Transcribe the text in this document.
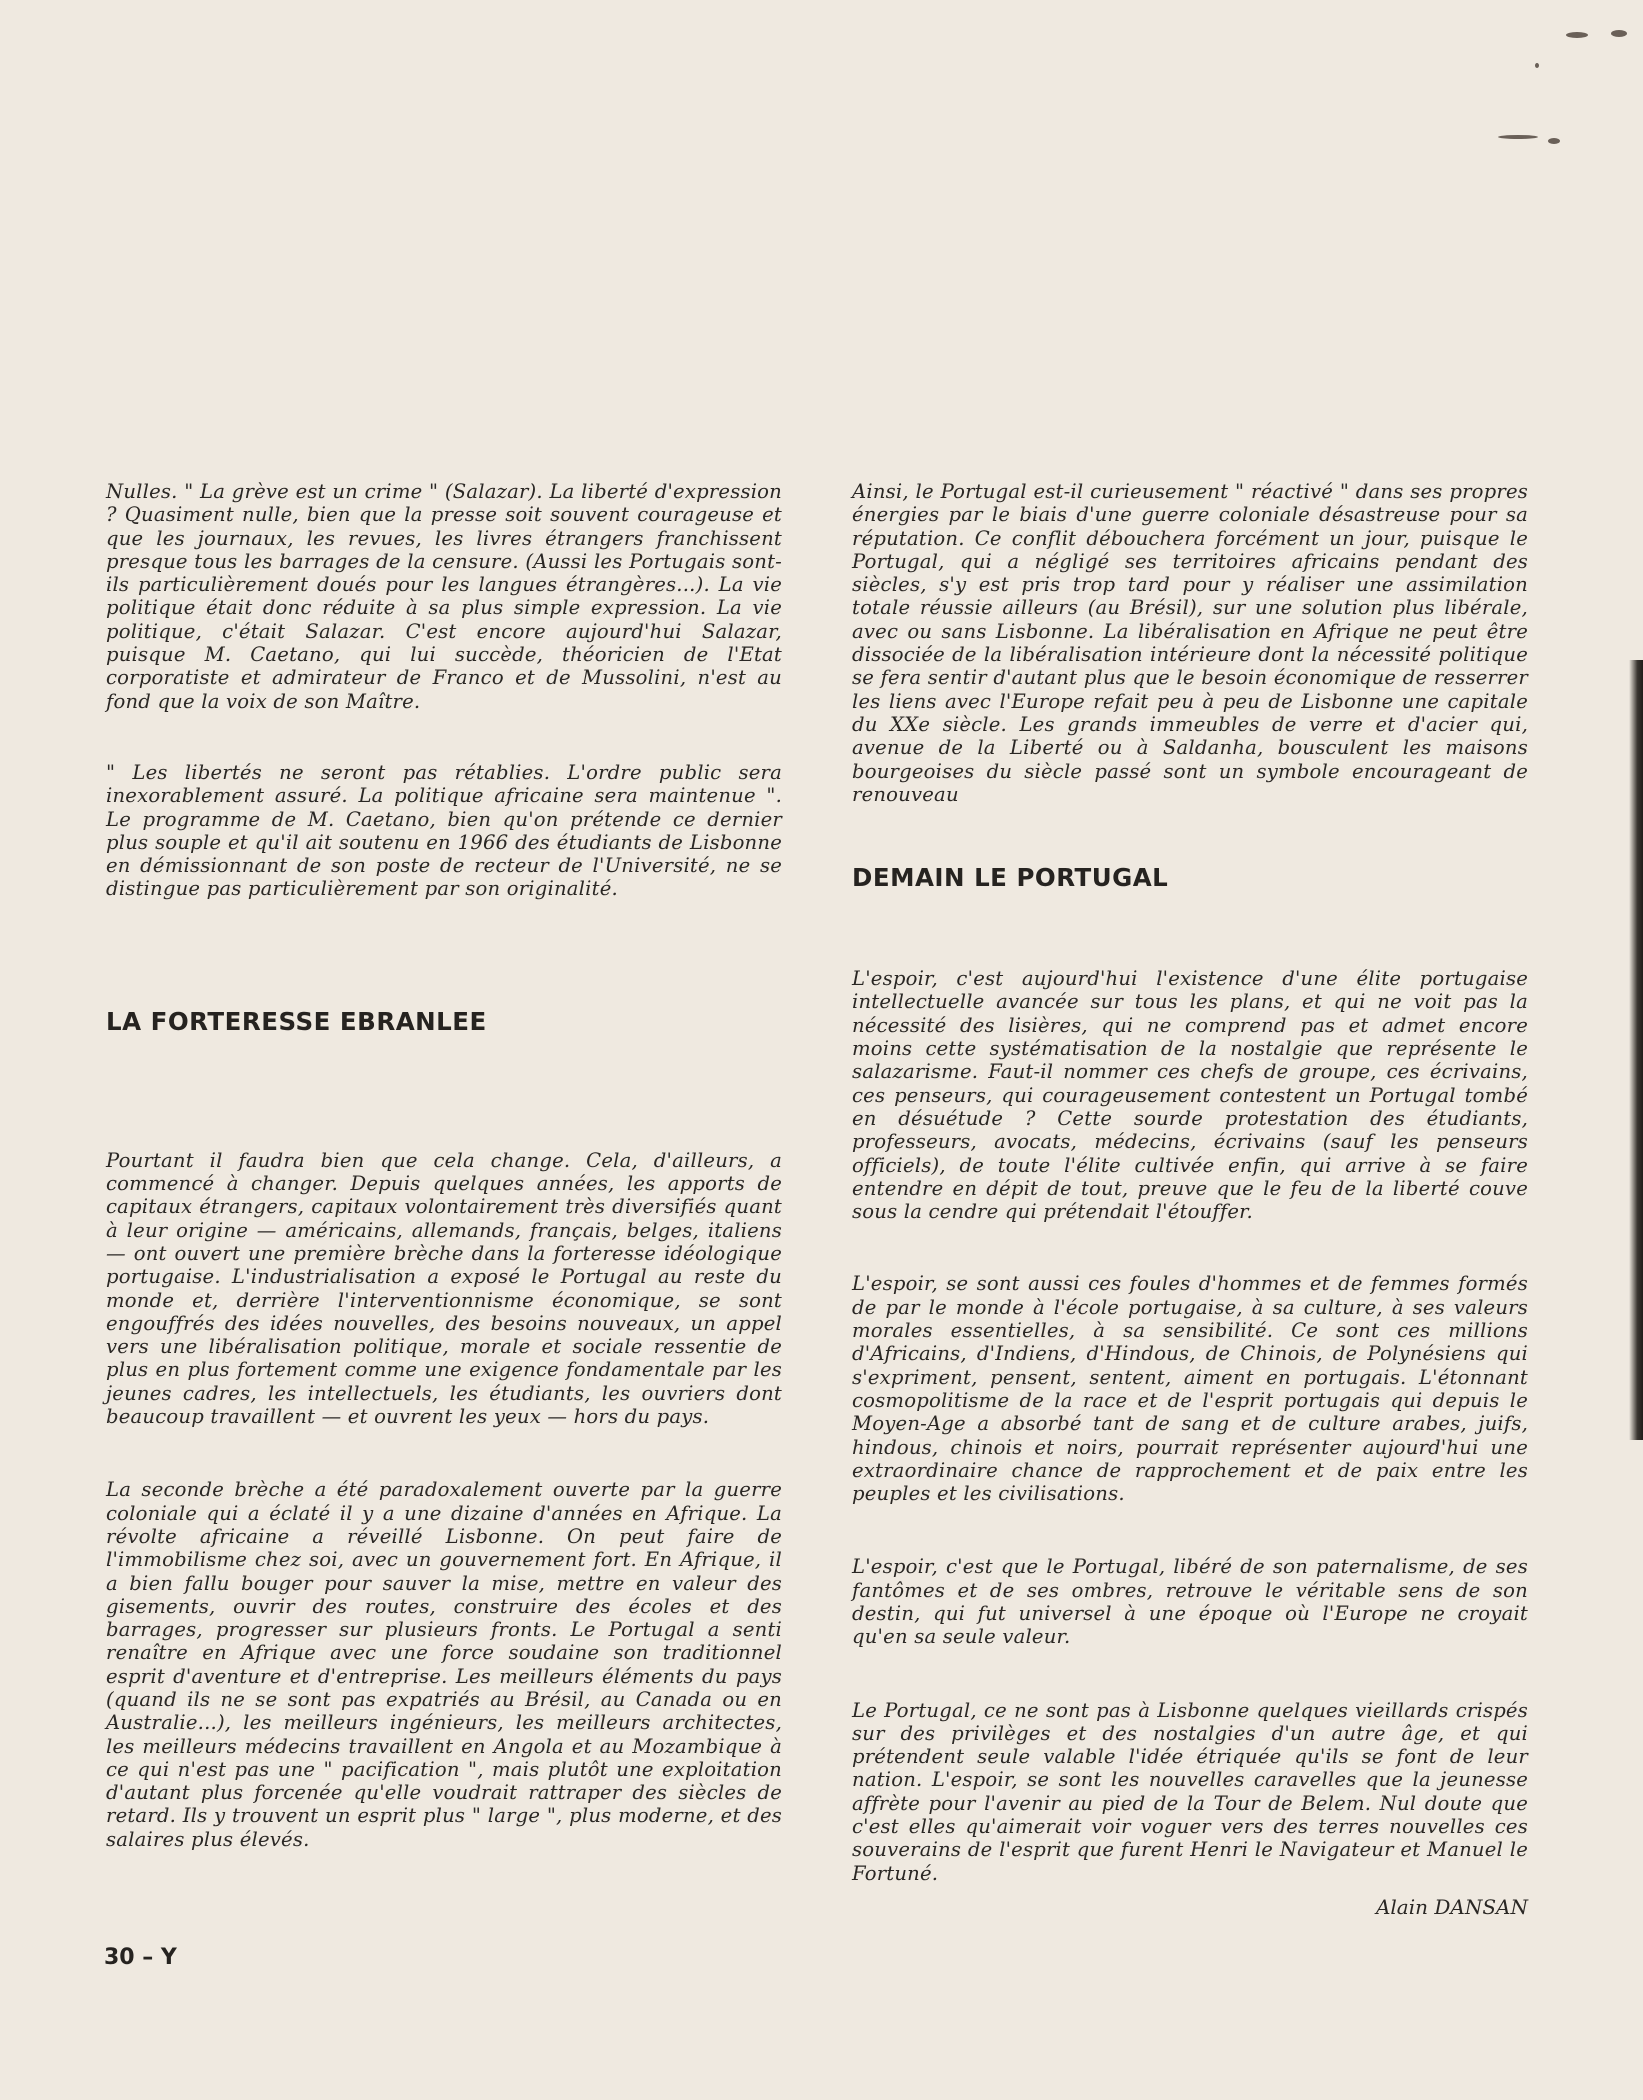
Nulles. " La grève est un crime " (Salazar). La liberté d'expression ? Quasiment nulle, bien que la presse soit souvent courageuse et que les journaux, les revues, les livres étrangers franchissent presque tous les barrages de la censure. (Aussi les Portugais sont-ils particulièrement doués pour les langues étrangères...). La vie politique était donc réduite à sa plus simple expression. La vie politique, c'était Salazar. C'est encore aujourd'hui Salazar, puisque M. Caetano, qui lui succède, théoricien de l'Etat corporatiste et admirateur de Franco et de Mussolini, n'est au fond que la voix de son Maître.

" Les libertés ne seront pas rétablies. L'ordre public sera inexorablement assuré. La politique africaine sera maintenue ". Le programme de M. Caetano, bien qu'on prétende ce dernier plus souple et qu'il ait soutenu en 1966 des étudiants de Lisbonne en démissionnant de son poste de recteur de l'Université, ne se distingue pas particulièrement par son originalité.

LA FORTERESSE EBRANLEE

Pourtant il faudra bien que cela change. Cela, d'ailleurs, a commencé à changer. Depuis quelques années, les apports de capitaux étrangers, capitaux volontairement très diversifiés quant à leur origine — américains, allemands, français, belges, italiens — ont ouvert une première brèche dans la forteresse idéologique portugaise. L'industrialisation a exposé le Portugal au reste du monde et, derrière l'interventionnisme économique, se sont engouffrés des idées nouvelles, des besoins nouveaux, un appel vers une libéralisation politique, morale et sociale ressentie de plus en plus fortement comme une exigence fondamentale par les jeunes cadres, les intellectuels, les étudiants, les ouvriers dont beaucoup travaillent — et ouvrent les yeux — hors du pays.

La seconde brèche a été paradoxalement ouverte par la guerre coloniale qui a éclaté il y a une dizaine d'années en Afrique. La révolte africaine a réveillé Lisbonne. On peut faire de l'immobilisme chez soi, avec un gouvernement fort. En Afrique, il a bien fallu bouger pour sauver la mise, mettre en valeur des gisements, ouvrir des routes, construire des écoles et des barrages, progresser sur plusieurs fronts. Le Portugal a senti renaître en Afrique avec une force soudaine son traditionnel esprit d'aventure et d'entreprise. Les meilleurs éléments du pays (quand ils ne se sont pas expatriés au Brésil, au Canada ou en Australie...), les meilleurs ingénieurs, les meilleurs architectes, les meilleurs médecins travaillent en Angola et au Mozambique à ce qui n'est pas une " pacification ", mais plutôt une exploitation d'autant plus forcenée qu'elle voudrait rattraper des siècles de retard. Ils y trouvent un esprit plus " large ", plus moderne, et des salaires plus élevés.

Ainsi, le Portugal est-il curieusement " réactivé " dans ses propres énergies par le biais d'une guerre coloniale désastreuse pour sa réputation. Ce conflit débouchera forcément un jour, puisque le Portugal, qui a négligé ses territoires africains pendant des siècles, s'y est pris trop tard pour y réaliser une assimilation totale réussie ailleurs (au Brésil), sur une solution plus libérale, avec ou sans Lisbonne. La libéralisation en Afrique ne peut être dissociée de la libéralisation intérieure dont la nécessité politique se fera sentir d'autant plus que le besoin économique de resserrer les liens avec l'Europe refait peu à peu de Lisbonne une capitale du XXe siècle. Les grands immeubles de verre et d'acier qui, avenue de la Liberté ou à Saldanha, bousculent les maisons bourgeoises du siècle passé sont un symbole encourageant de renouveau

DEMAIN LE PORTUGAL

L'espoir, c'est aujourd'hui l'existence d'une élite portugaise intellectuelle avancée sur tous les plans, et qui ne voit pas la nécessité des lisières, qui ne comprend pas et admet encore moins cette systématisation de la nostalgie que représente le salazarisme. Faut-il nommer ces chefs de groupe, ces écrivains, ces penseurs, qui courageusement contestent un Portugal tombé en désuétude ? Cette sourde protestation des étudiants, professeurs, avocats, médecins, écrivains (sauf les penseurs officiels), de toute l'élite cultivée enfin, qui arrive à se faire entendre en dépit de tout, preuve que le feu de la liberté couve sous la cendre qui prétendait l'étouffer.

L'espoir, se sont aussi ces foules d'hommes et de femmes formés de par le monde à l'école portugaise, à sa culture, à ses valeurs morales essentielles, à sa sensibilité. Ce sont ces millions d'Africains, d'Indiens, d'Hindous, de Chinois, de Polynésiens qui s'expriment, pensent, sentent, aiment en portugais. L'étonnant cosmopolitisme de la race et de l'esprit portugais qui depuis le Moyen-Age a absorbé tant de sang et de culture arabes, juifs, hindous, chinois et noirs, pourrait représenter aujourd'hui une extraordinaire chance de rapprochement et de paix entre les peuples et les civilisations.

L'espoir, c'est que le Portugal, libéré de son paternalisme, de ses fantômes et de ses ombres, retrouve le véritable sens de son destin, qui fut universel à une époque où l'Europe ne croyait qu'en sa seule valeur.

Le Portugal, ce ne sont pas à Lisbonne quelques vieillards crispés sur des privilèges et des nostalgies d'un autre âge, et qui prétendent seule valable l'idée étriquée qu'ils se font de leur nation. L'espoir, se sont les nouvelles caravelles que la jeunesse affrète pour l'avenir au pied de la Tour de Belem. Nul doute que c'est elles qu'aimerait voir voguer vers des terres nouvelles ces souverains de l'esprit que furent Henri le Navigateur et Manuel le Fortuné.

Alain DANSAN
30 – Y
